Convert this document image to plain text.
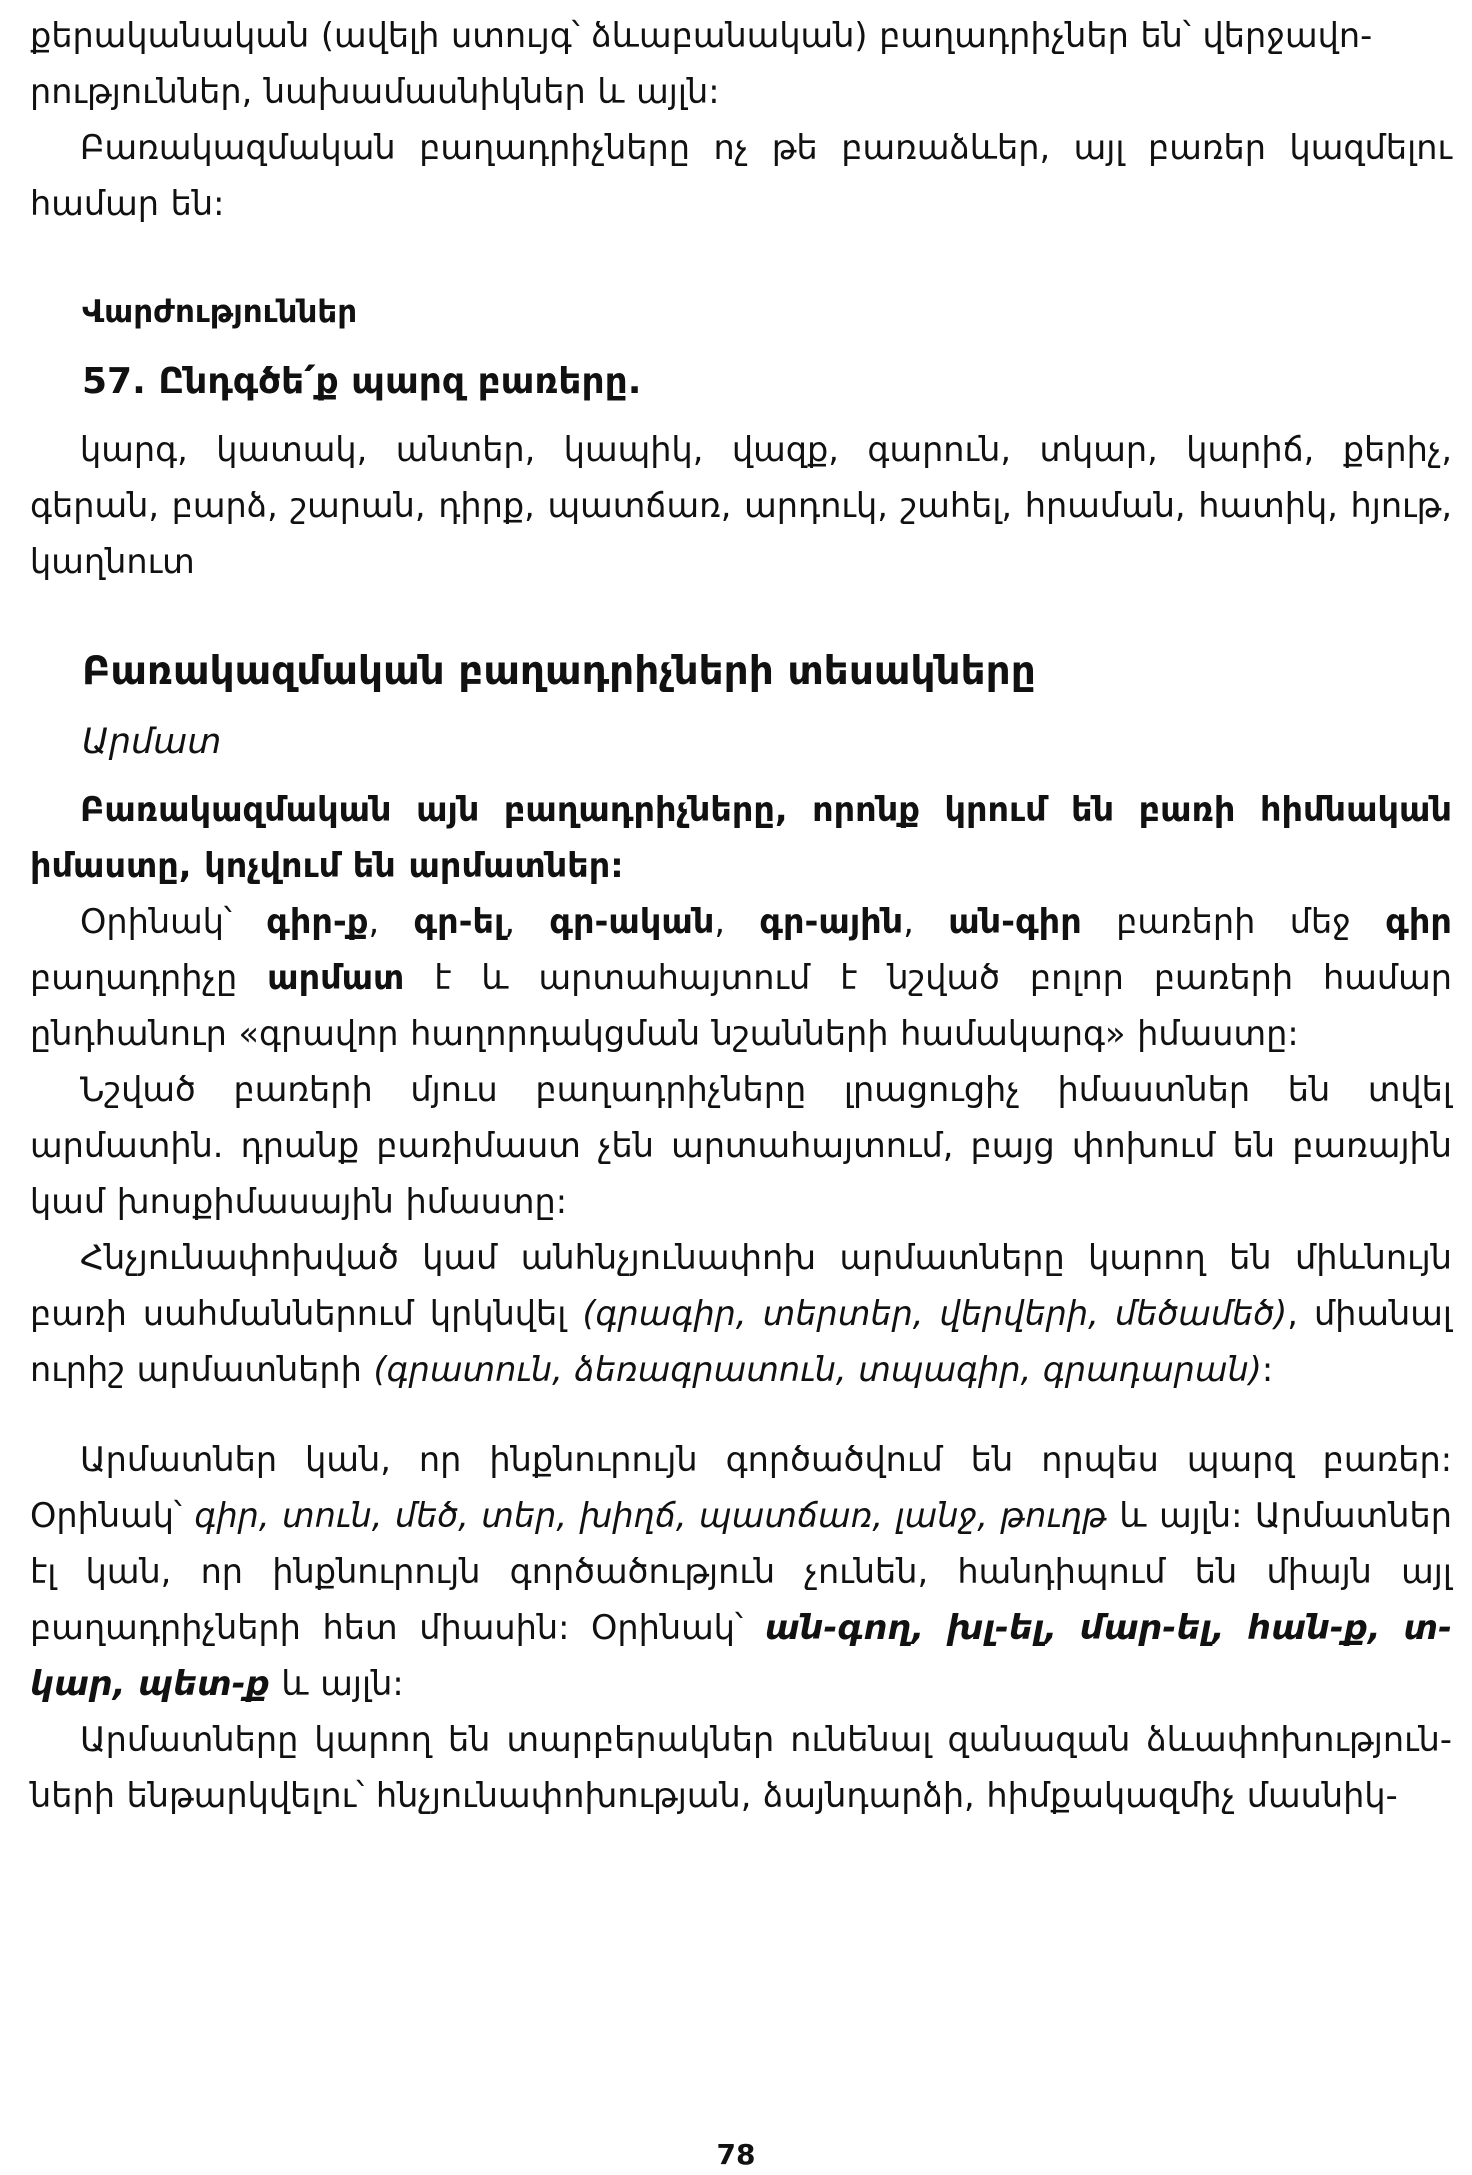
քերականական (ավելի ստույգ՝ ձևաբանական) բաղադրիչներ են՝ վերջավո-

րություններ, նախամասնիկներ և այլն:

Բառակազմական բաղադրիչները ոչ թե բառաձևեր, այլ բառեր կազմելու համար են:

Վարժություններ

57. Ընդգծե՛ք պարզ բառերը.

կարգ, կատակ, անտեր, կապիկ, վազք, գարուն, տկար, կարիճ, քերիչ, գերան, բարձ, շարան, դիրք, պատճառ, արդուկ, շահել, հրաման, հատիկ, հյութ, կաղնուտ

Բառակազմական բաղադրիչների տեսակները

Արմատ

Բառակազմական այն բաղադրիչները, որոնք կրում են բառի հիմնական իմաստը, կոչվում են արմատներ:

Օրինակ՝ գիր-ք, գր-ել, գր-ական, գր-ային, ան-գիր բառերի մեջ գիր բաղադրիչը արմատ է և արտահայտում է նշված բոլոր բառերի համար ընդհանուր «գրավոր հաղորդակցման նշանների համակարգ» իմաստը:

Նշված բառերի մյուս բաղադրիչները լրացուցիչ իմաստներ են տվել արմատին. դրանք բառիմաստ չեն արտահայտում, բայց փոխում են բառային կամ խոսքիմասային իմաստը:

Հնչյունափոխված կամ անհնչյունափոխ արմատները կարող են միևնույն բառի սահմաններում կրկնվել (գրագիր, տերտեր, վերվերի, մեծամեծ), միանալ ուրիշ արմատների (գրատուն, ձեռագրատուն, տպագիր, գրադարան):

Արմատներ կան, որ ինքնուրույն գործածվում են որպես պարզ բառեր: Օրինակ՝ գիր, տուն, մեծ, տեր, խիղճ, պատճառ, լանջ, թուղթ և այլն: Արմատներ էլ կան, որ ինքնուրույն գործածություն չունեն, հանդիպում են միայն այլ բաղադրիչների հետ միասին: Օրինակ՝ ան-գող, խլ-ել, մար-ել, հան-ք, տ-կար, պետ-ք և այլն:

Արմատները կարող են տարբերակներ ունենալ զանազան ձևափոխություն-ների ենթարկվելու՝ հնչյունափոխության, ձայնդարձի, հիմքակազմիչ մասնիկ-

78
